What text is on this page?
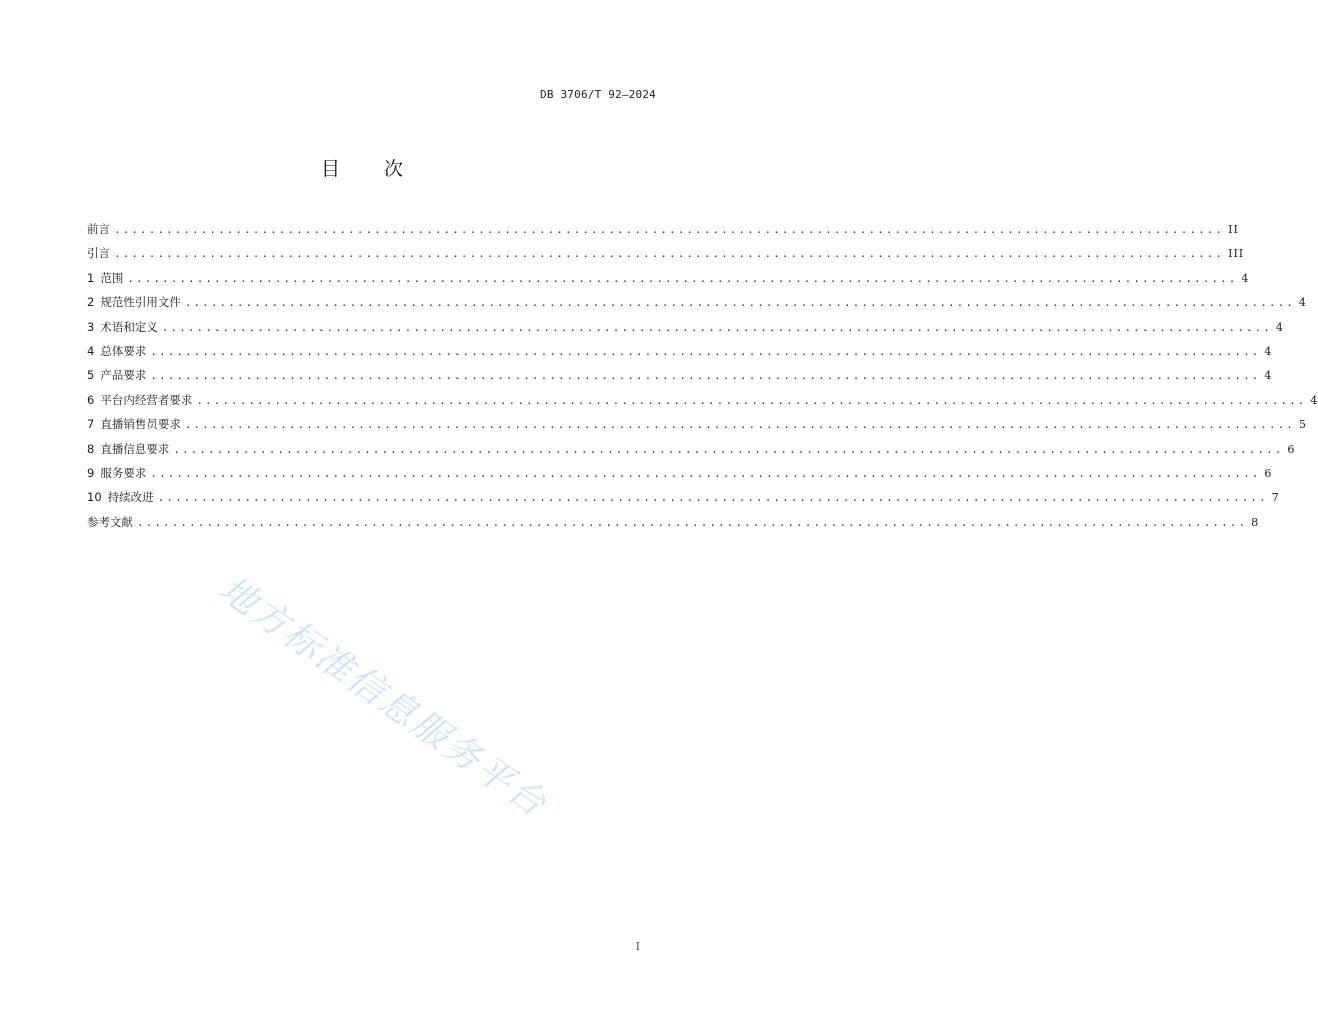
DB 3706/T 92—2024
目 次
前言 ................................................................................................................................ II
引言 ................................................................................................................................ III
1 范围 ................................................................................................................................ 4
2 规范性引用文件 ................................................................................................................................ 4
3 术语和定义 ................................................................................................................................ 4
4 总体要求 ................................................................................................................................ 4
5 产品要求 ................................................................................................................................ 4
6 平台内经营者要求 ................................................................................................................................ 4
7 直播销售员要求 ................................................................................................................................ 5
8 直播信息要求 ................................................................................................................................ 6
9 服务要求 ................................................................................................................................ 6
10 持续改进 ................................................................................................................................ 7
参考文献 ................................................................................................................................ 8
地方标准信息服务平台
I
